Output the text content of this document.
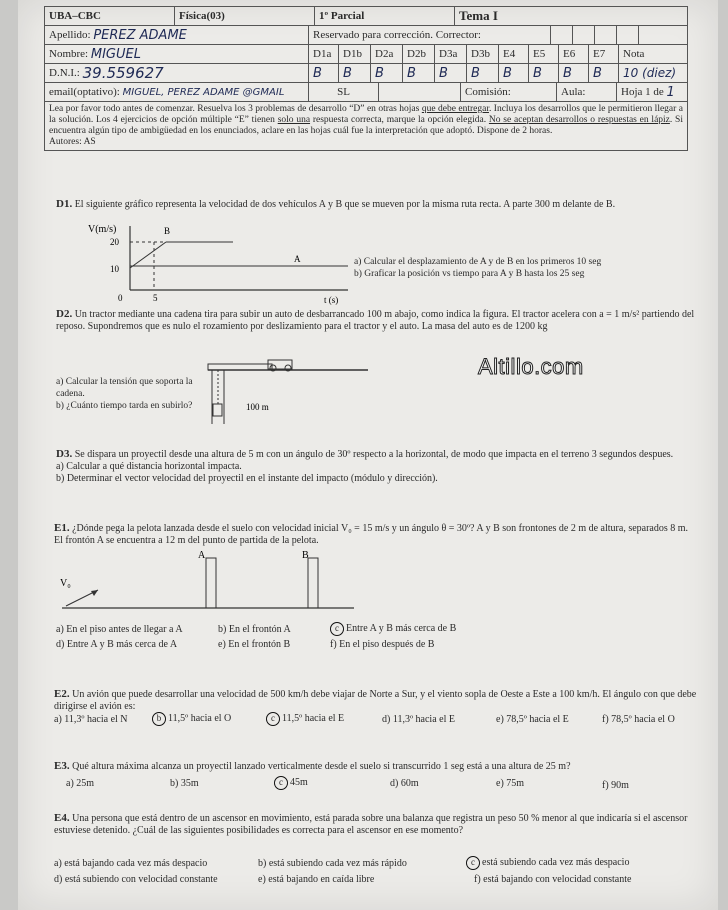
UBA–CBC	Física(03)	1º Parcial	Tema I
Apellido:
PEREZ ADAME	Reservado para corrección. Corrector:
Nombre:
MIGUEL	D1a	D1b	D2a	D2b	D3a	D3b	E4	E5	E6	E7	Nota
D.N.I.:
39.559627	B	B	B	B	B	B	B	B	B	B	10 (diez)
email(optativo):
MIGUEL, PEREZ ADAME @GMAIL	SL	Comisión:	Aula:	Hoja 1 de
1
Lea por favor todo antes de comenzar. Resuelva los 3 problemas de desarrollo “D” en otras hojas que debe entregar. Incluya los desarrollos que le permitieron llegar a la solución. Los 4 ejercicios de opción múltiple “E” tienen solo una respuesta correcta, marque la opción elegida. No se aceptan desarrollos o respuestas en lápiz. Si encuentra algún tipo de ambigüedad en los enunciados, aclare en las hojas cuál fue la interpretación que adoptó. Dispone de 2 horas.
Autores: AS
D1. El siguiente gráfico representa la velocidad de dos vehículos A y B que se mueven por la misma ruta recta. A parte 300 m delante de B.
V(m/s)
20
10
0	5	t (s)
B
A	a) Calcular el desplazamiento de A y de B en los primeros 10 seg
b) Graficar la posición vs tiempo para A y B hasta los 25 seg
D2. Un tractor mediante una cadena tira para subir un auto de desbarrancado 100 m abajo, como indica la figura. El tractor acelera con a = 1 m/s² partiendo del reposo. Supondremos que es nulo el rozamiento por deslizamiento para el tractor y el auto. La masa del auto es de 1200 kg
100 m
a) Calcular la tensión que soporta la cadena.
b) ¿Cuánto tiempo tarda en subirlo?
Altillo.com
D3. Se dispara un proyectil desde una altura de 5 m con un ángulo de 30º respecto a la horizontal, de modo que impacta en el terreno 3 segundos despues.
a) Calcular a qué distancia horizontal impacta.
b) Determinar el vector velocidad del proyectil en el instante del impacto (módulo y dirección).
E1. ¿Dónde pega la pelota lanzada desde el suelo con velocidad inicial V₀ = 15 m/s y un ángulo θ = 30º? A y B son frontones de 2 m de altura, separados 8 m. El frontón A se encuentra a 12 m del punto de partida de la pelota.
A	B
V₀
a) En el piso antes de llegar a A	b) En el frontón A	c Entre A y B más cerca de B
d) Entre A y B más cerca de A	e) En el frontón B	f) En el piso después de B
E2. Un avión que puede desarrollar una velocidad de 500 km/h debe viajar de Norte a Sur, y el viento sopla de Oeste a Este a 100 km/h. El ángulo con que debe dirigirse el avión es:
a) 11,3º hacia el N	b 11,5º hacia el O	c 11,5º hacia el E	d) 11,3º hacia el E	e) 78,5º hacia el E	f) 78,5º hacia el O
E3. Qué altura máxima alcanza un proyectil lanzado verticalmente desde el suelo si transcurrido 1 seg está a una altura de 25 m?
a) 25m	b) 35m	c 45m	d) 60m	e) 75m	f) 90m
E4. Una persona que está dentro de un ascensor en movimiento, está parada sobre una balanza que registra un peso 50 % menor al que indicaría si el ascensor estuviese detenido. ¿Cuál de las siguientes posibilidades es correcta para el ascensor en ese momento?
a) está bajando cada vez más despacio	b) está subiendo cada vez más rápido	c está subiendo cada vez más despacio
d) está subiendo con velocidad constante	e) está bajando en caída libre	f) está bajando con velocidad constante
